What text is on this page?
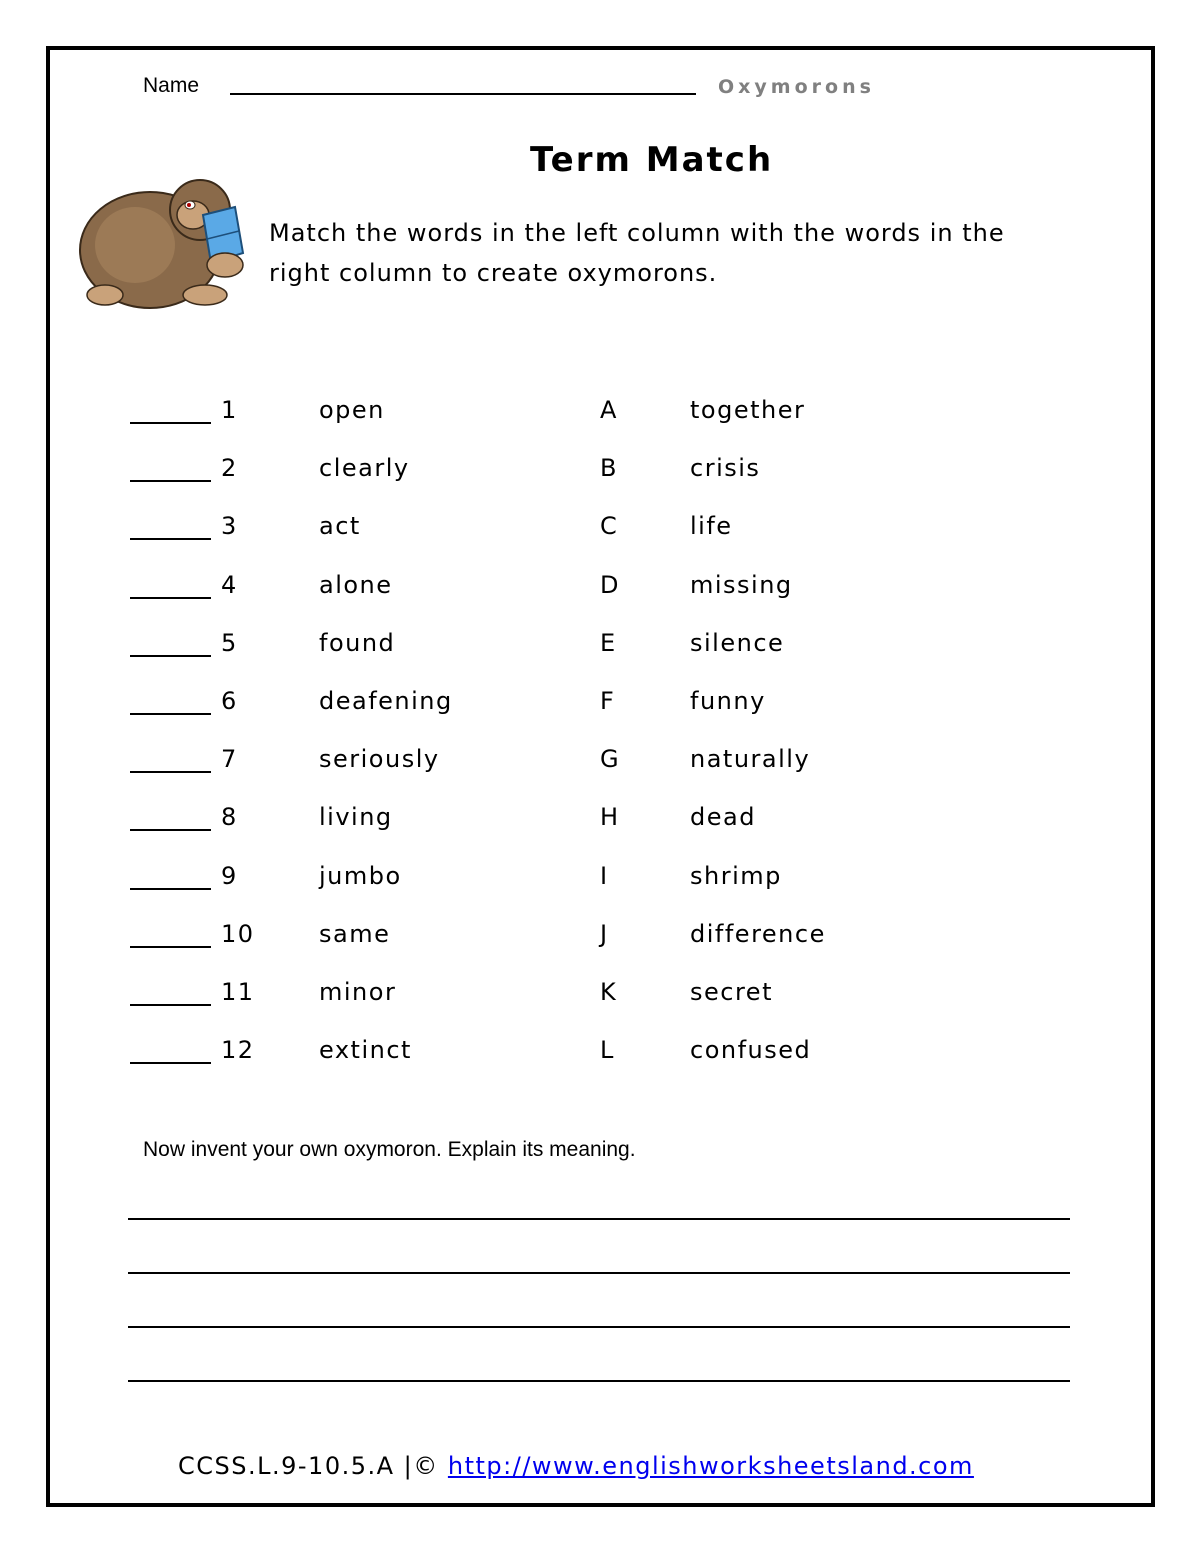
Name	Oxymorons
Term Match
Match the words in the left column with the words in the right column to create oxymorons.
1	open	A	together
2	clearly	B	crisis
3	act	C	life
4	alone	D	missing
5	found	E	silence
6	deafening	F	funny
7	seriously	G	naturally
8	living	H	dead
9	jumbo	I	shrimp
10	same	J	difference
11	minor	K	secret
12	extinct	L	confused
Now invent your own oxymoron. Explain its meaning.
CCSS.L.9-10.5.A |© http://www.englishworksheetsland.com
